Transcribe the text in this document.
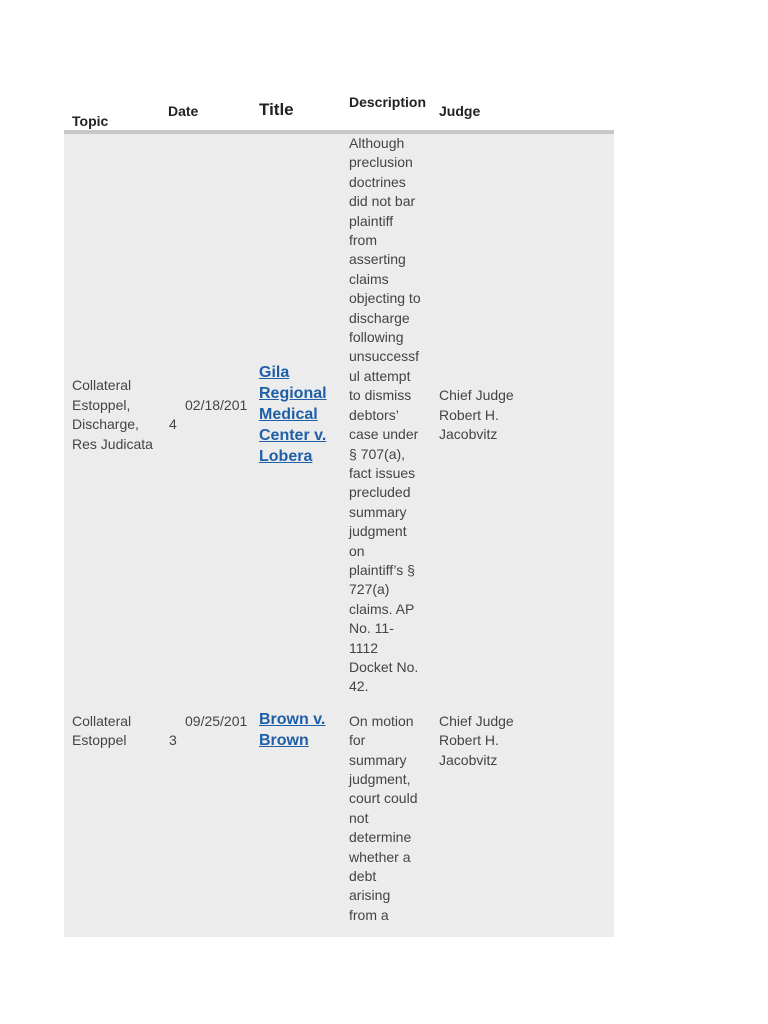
Topic
Date	Title	Description
Judge
Collateral Estoppel, Discharge, Res Judicata
02/18/2014
Gila Regional Medical Center v. Lobera
Although preclusion doctrines did not bar plaintiff from asserting claims objecting to discharge following unsuccessful attempt to dismiss debtors’ case under § 707(a), fact issues precluded summary judgment on plaintiff’s § 727(a) claims. AP No. 11-1112 Docket No. 42.
Chief Judge Robert H. Jacobvitz
Collateral Estoppel
09/25/2013
Brown v. Brown
On motion for summary judgment, court could not determine whether a debt arising from a
Chief Judge Robert H. Jacobvitz
